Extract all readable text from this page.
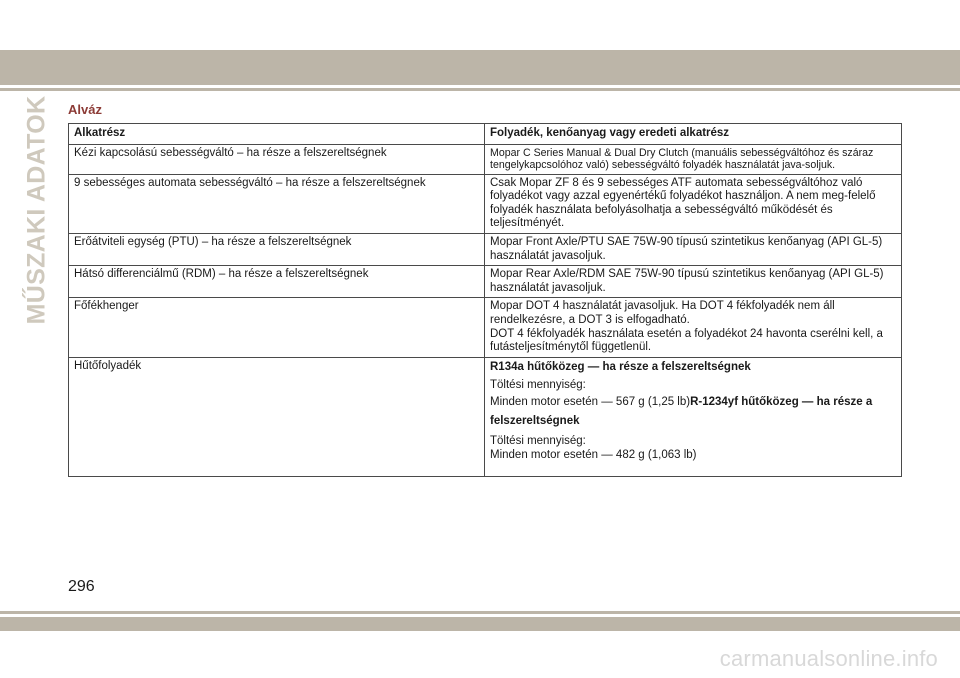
MŰSZAKI ADATOK Alváz
Alkatrész	Folyadék, kenőanyag vagy eredeti alkatrész
Kézi kapcsolású sebességváltó – ha része a felszereltségnek	Mopar C Series Manual & Dual Dry Clutch (manuális sebességváltóhoz és száraz tengelykapcsolóhoz való) sebességváltó folyadék használatát java-soljuk.
9 sebességes automata sebességváltó – ha része a felszereltségnek	Csak Mopar ZF 8 és 9 sebességes ATF automata sebességváltóhoz való folyadékot vagy azzal egyenértékű folyadékot használjon. A nem meg-felelő folyadék használata befolyásolhatja a sebességváltó működését és teljesítményét.
Erőátviteli egység (PTU) – ha része a felszereltségnek	Mopar Front Axle/PTU SAE 75W-90 típusú szintetikus kenőanyag (API GL-5) használatát javasoljuk.
Hátsó differenciálmű (RDM) – ha része a felszereltségnek	Mopar Rear Axle/RDM SAE 75W-90 típusú szintetikus kenőanyag (API GL-5) használatát javasoljuk.
Főfékhenger	Mopar DOT 4 használatát javasoljuk. Ha DOT 4 fékfolyadék nem áll rendelkezésre, a DOT 3 is elfogadható.
DOT 4 fékfolyadék használata esetén a folyadékot 24 havonta cserélni kell, a futásteljesítménytől függetlenül.

Hűtőfolyadék	R134a hűtőközeg — ha része a felszereltségnek
Töltési mennyiség:
Minden motor esetén — 567 g (1,25 lb)R-1234yf hűtőközeg — ha része a felszereltségnek
Töltési mennyiség:
Minden motor esetén — 482 g (1,063 lb)
296
carmanualsonline.info
